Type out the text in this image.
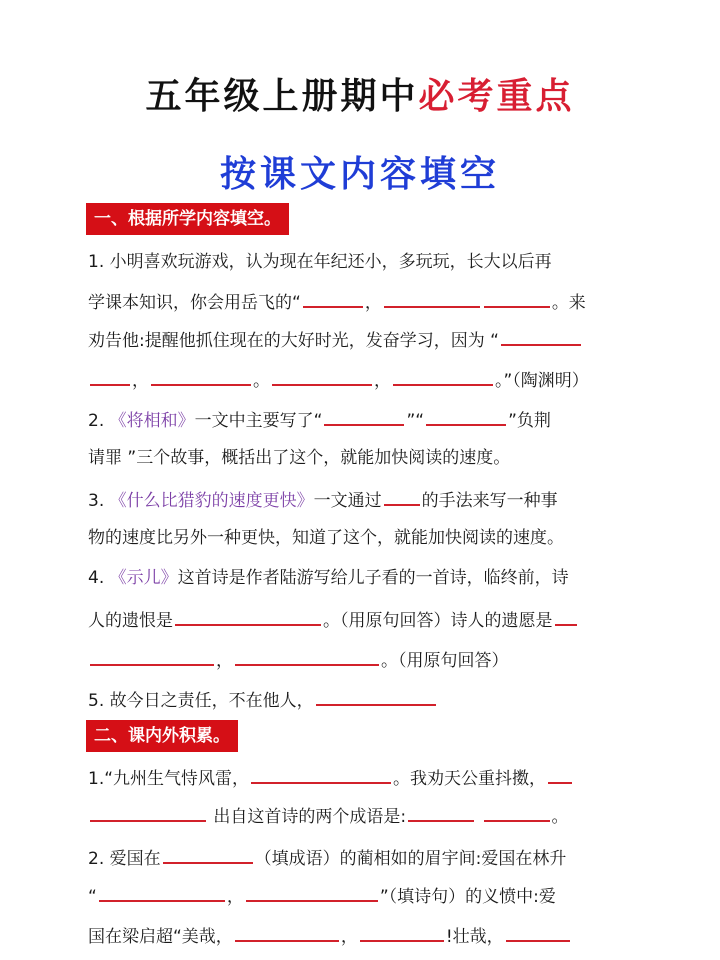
五年级上册期中必考重点
按课文内容填空
一、根据所学内容填空。
1. 小明喜欢玩游戏，认为现在年纪还小，多玩玩，长大以后再
学课本知识，你会用岳飞的“	，	。来
劝告他:提醒他抓住现在的大好时光，发奋学习，因为 “
，	。	，	。”（陶渊明）
2. 《将相和》一文中主要写了“	”“	”负荆
请罪 ”三个故事，概括出了这个，就能加快阅读的速度。
3. 《什么比猎豹的速度更快》一文通过 的手法来写一种事
物的速度比另外一种更快，知道了这个，就能加快阅读的速度。
4. 《示儿》这首诗是作者陆游写给儿子看的一首诗，临终前，诗
人的遗恨是	。（用原句回答）诗人的遗愿是
，	。（用原句回答）
5. 故今日之责任，不在他人，
二、课内外积累。
1.“九州生气恃风雷，	。我劝天公重抖擞，
出自这首诗的两个成语是:	。
2. 爱国在	（填成语）的蔺相如的眉宇间:爱国在林升
“	，	”（填诗句）的义愤中:爱
国在梁启超“美哉，	，	!壮哉，
